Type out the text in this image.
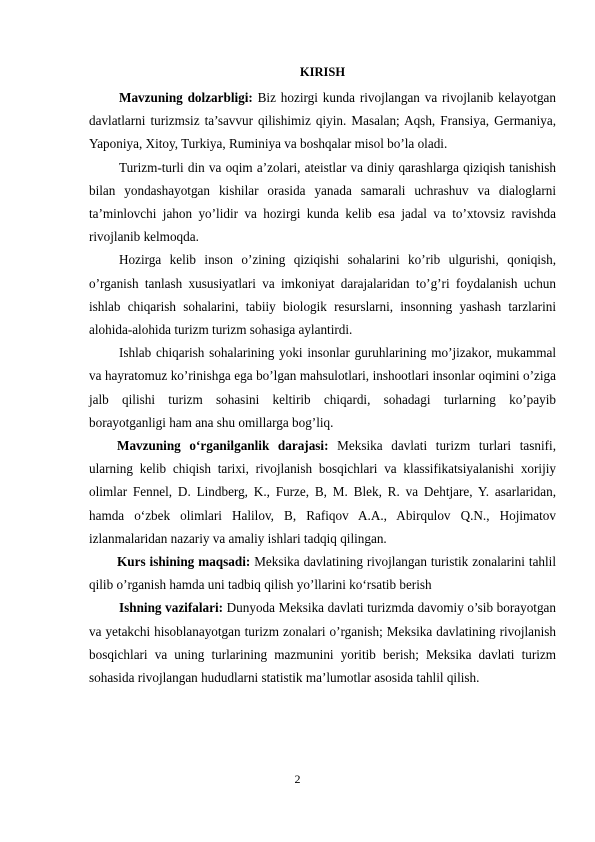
KIRISH

Mavzuning dolzarbligi: Biz hozirgi kunda rivojlangan va rivojlanib kelayotgan davlatlarni turizmsiz ta’savvur qilishimiz qiyin. Masalan; Aqsh, Fransiya, Germaniya, Yaponiya, Xitoy, Turkiya, Ruminiya va boshqalar misol bo’la oladi.

Turizm-turli din va oqim a’zolari, ateistlar va diniy qarashlarga qiziqish tanishish bilan yondashayotgan kishilar orasida yanada samarali uchrashuv va dialoglarni ta’minlovchi jahon yo’lidir va hozirgi kunda kelib esa jadal va to’xtovsiz ravishda rivojlanib kelmoqda.

Hozirga kelib inson o’zining qiziqishi sohalarini ko’rib ulgurishi, qoniqish, o’rganish tanlash xususiyatlari va imkoniyat darajalaridan to’g’ri foydalanish uchun ishlab chiqarish sohalarini, tabiiy biologik resurslarni, insonning yashash tarzlarini alohida-alohida turizm turizm sohasiga aylantirdi.

Ishlab chiqarish sohalarining yoki insonlar guruhlarining mo’jizakor, mukammal va hayratomuz ko’rinishga ega bo’lgan mahsulotlari, inshootlari insonlar oqimini o’ziga jalb qilishi turizm sohasini keltirib chiqardi, sohadagi turlarning ko’payib borayotganligi ham ana shu omillarga bog’liq.

Mavzuning o‘rganilganlik darajasi: Meksika davlati turizm turlari tasnifi, ularning kelib chiqish tarixi, rivojlanish bosqichlari va klassifikatsiyalanishi xorijiy olimlar Fennel, D. Lindberg, K., Furze, B, M. Blek, R. va Dehtjare, Y. asarlaridan, hamda o‘zbek olimlari Halilov, B, Rafiqov A.A., Abirqulov Q.N., Hojimatov izlanmalaridan nazariy va amaliy ishlari tadqiq qilingan.

Kurs ishining maqsadi: Meksika davlatining rivojlangan turistik zonalarini tahlil qilib o’rganish hamda uni tadbiq qilish yo’llarini ko‘rsatib berish

Ishning vazifalari: Dunyoda Meksika davlati turizmda davomiy o’sib borayotgan va yetakchi hisoblanayotgan turizm zonalari o’rganish; Meksika davlatining rivojlanish bosqichlari va uning turlarining mazmunini yoritib berish; Meksika davlati turizm sohasida rivojlangan hududlarni statistik ma’lumotlar asosida tahlil qilish.

2
